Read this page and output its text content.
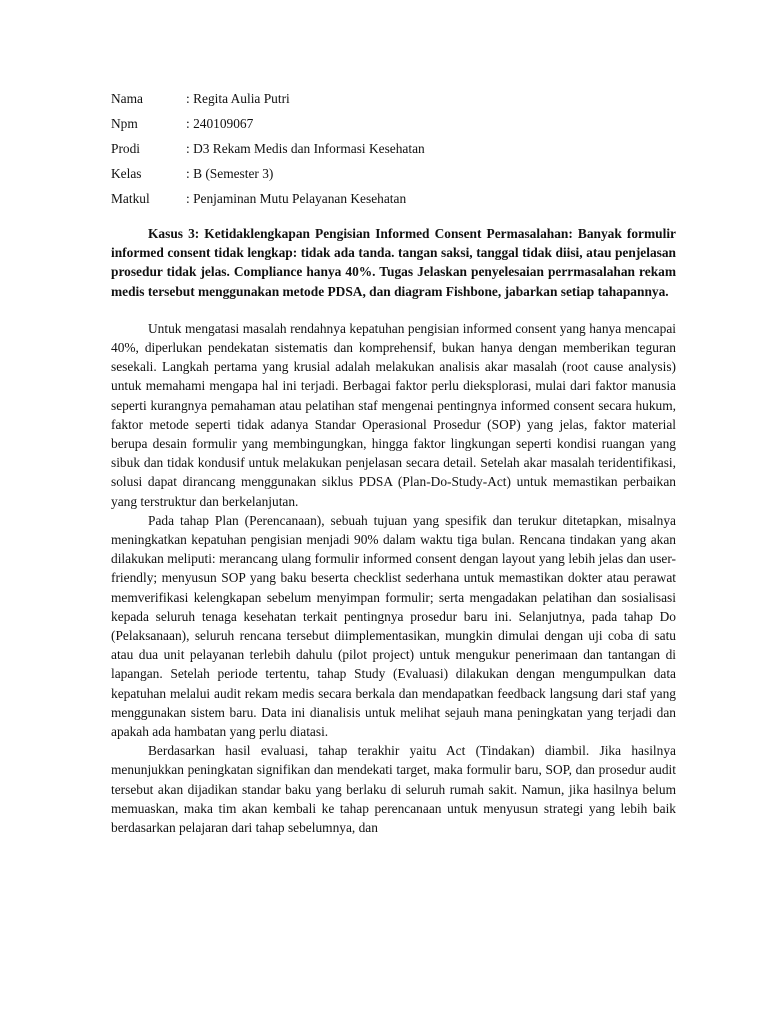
Nama	: Regita Aulia Putri
Npm	: 240109067
Prodi	: D3 Rekam Medis dan Informasi Kesehatan
Kelas	: B (Semester 3)
Matkul	: Penjaminan Mutu Pelayanan Kesehatan

Kasus 3: Ketidaklengkapan Pengisian Informed Consent Permasalahan: Banyak formulir informed consent tidak lengkap: tidak ada tanda. tangan saksi, tanggal tidak diisi, atau penjelasan prosedur tidak jelas. Compliance hanya 40%. Tugas Jelaskan penyelesaian perrmasalahan rekam medis tersebut menggunakan metode PDSA, dan diagram Fishbone, jabarkan setiap tahapannya.

Untuk mengatasi masalah rendahnya kepatuhan pengisian informed consent yang hanya mencapai 40%, diperlukan pendekatan sistematis dan komprehensif, bukan hanya dengan memberikan teguran sesekali. Langkah pertama yang krusial adalah melakukan analisis akar masalah (root cause analysis) untuk memahami mengapa hal ini terjadi. Berbagai faktor perlu dieksplorasi, mulai dari faktor manusia seperti kurangnya pemahaman atau pelatihan staf mengenai pentingnya informed consent secara hukum, faktor metode seperti tidak adanya Standar Operasional Prosedur (SOP) yang jelas, faktor material berupa desain formulir yang membingungkan, hingga faktor lingkungan seperti kondisi ruangan yang sibuk dan tidak kondusif untuk melakukan penjelasan secara detail. Setelah akar masalah teridentifikasi, solusi dapat dirancang menggunakan siklus PDSA (Plan-Do-Study-Act) untuk memastikan perbaikan yang terstruktur dan berkelanjutan.

Pada tahap Plan (Perencanaan), sebuah tujuan yang spesifik dan terukur ditetapkan, misalnya meningkatkan kepatuhan pengisian menjadi 90% dalam waktu tiga bulan. Rencana tindakan yang akan dilakukan meliputi: merancang ulang formulir informed consent dengan layout yang lebih jelas dan user-friendly; menyusun SOP yang baku beserta checklist sederhana untuk memastikan dokter atau perawat memverifikasi kelengkapan sebelum menyimpan formulir; serta mengadakan pelatihan dan sosialisasi kepada seluruh tenaga kesehatan terkait pentingnya prosedur baru ini. Selanjutnya, pada tahap Do (Pelaksanaan), seluruh rencana tersebut diimplementasikan, mungkin dimulai dengan uji coba di satu atau dua unit pelayanan terlebih dahulu (pilot project) untuk mengukur penerimaan dan tantangan di lapangan. Setelah periode tertentu, tahap Study (Evaluasi) dilakukan dengan mengumpulkan data kepatuhan melalui audit rekam medis secara berkala dan mendapatkan feedback langsung dari staf yang menggunakan sistem baru. Data ini dianalisis untuk melihat sejauh mana peningkatan yang terjadi dan apakah ada hambatan yang perlu diatasi.

Berdasarkan hasil evaluasi, tahap terakhir yaitu Act (Tindakan) diambil. Jika hasilnya menunjukkan peningkatan signifikan dan mendekati target, maka formulir baru, SOP, dan prosedur audit tersebut akan dijadikan standar baku yang berlaku di seluruh rumah sakit. Namun, jika hasilnya belum memuaskan, maka tim akan kembali ke tahap perencanaan untuk menyusun strategi yang lebih baik berdasarkan pelajaran dari tahap sebelumnya, dan
